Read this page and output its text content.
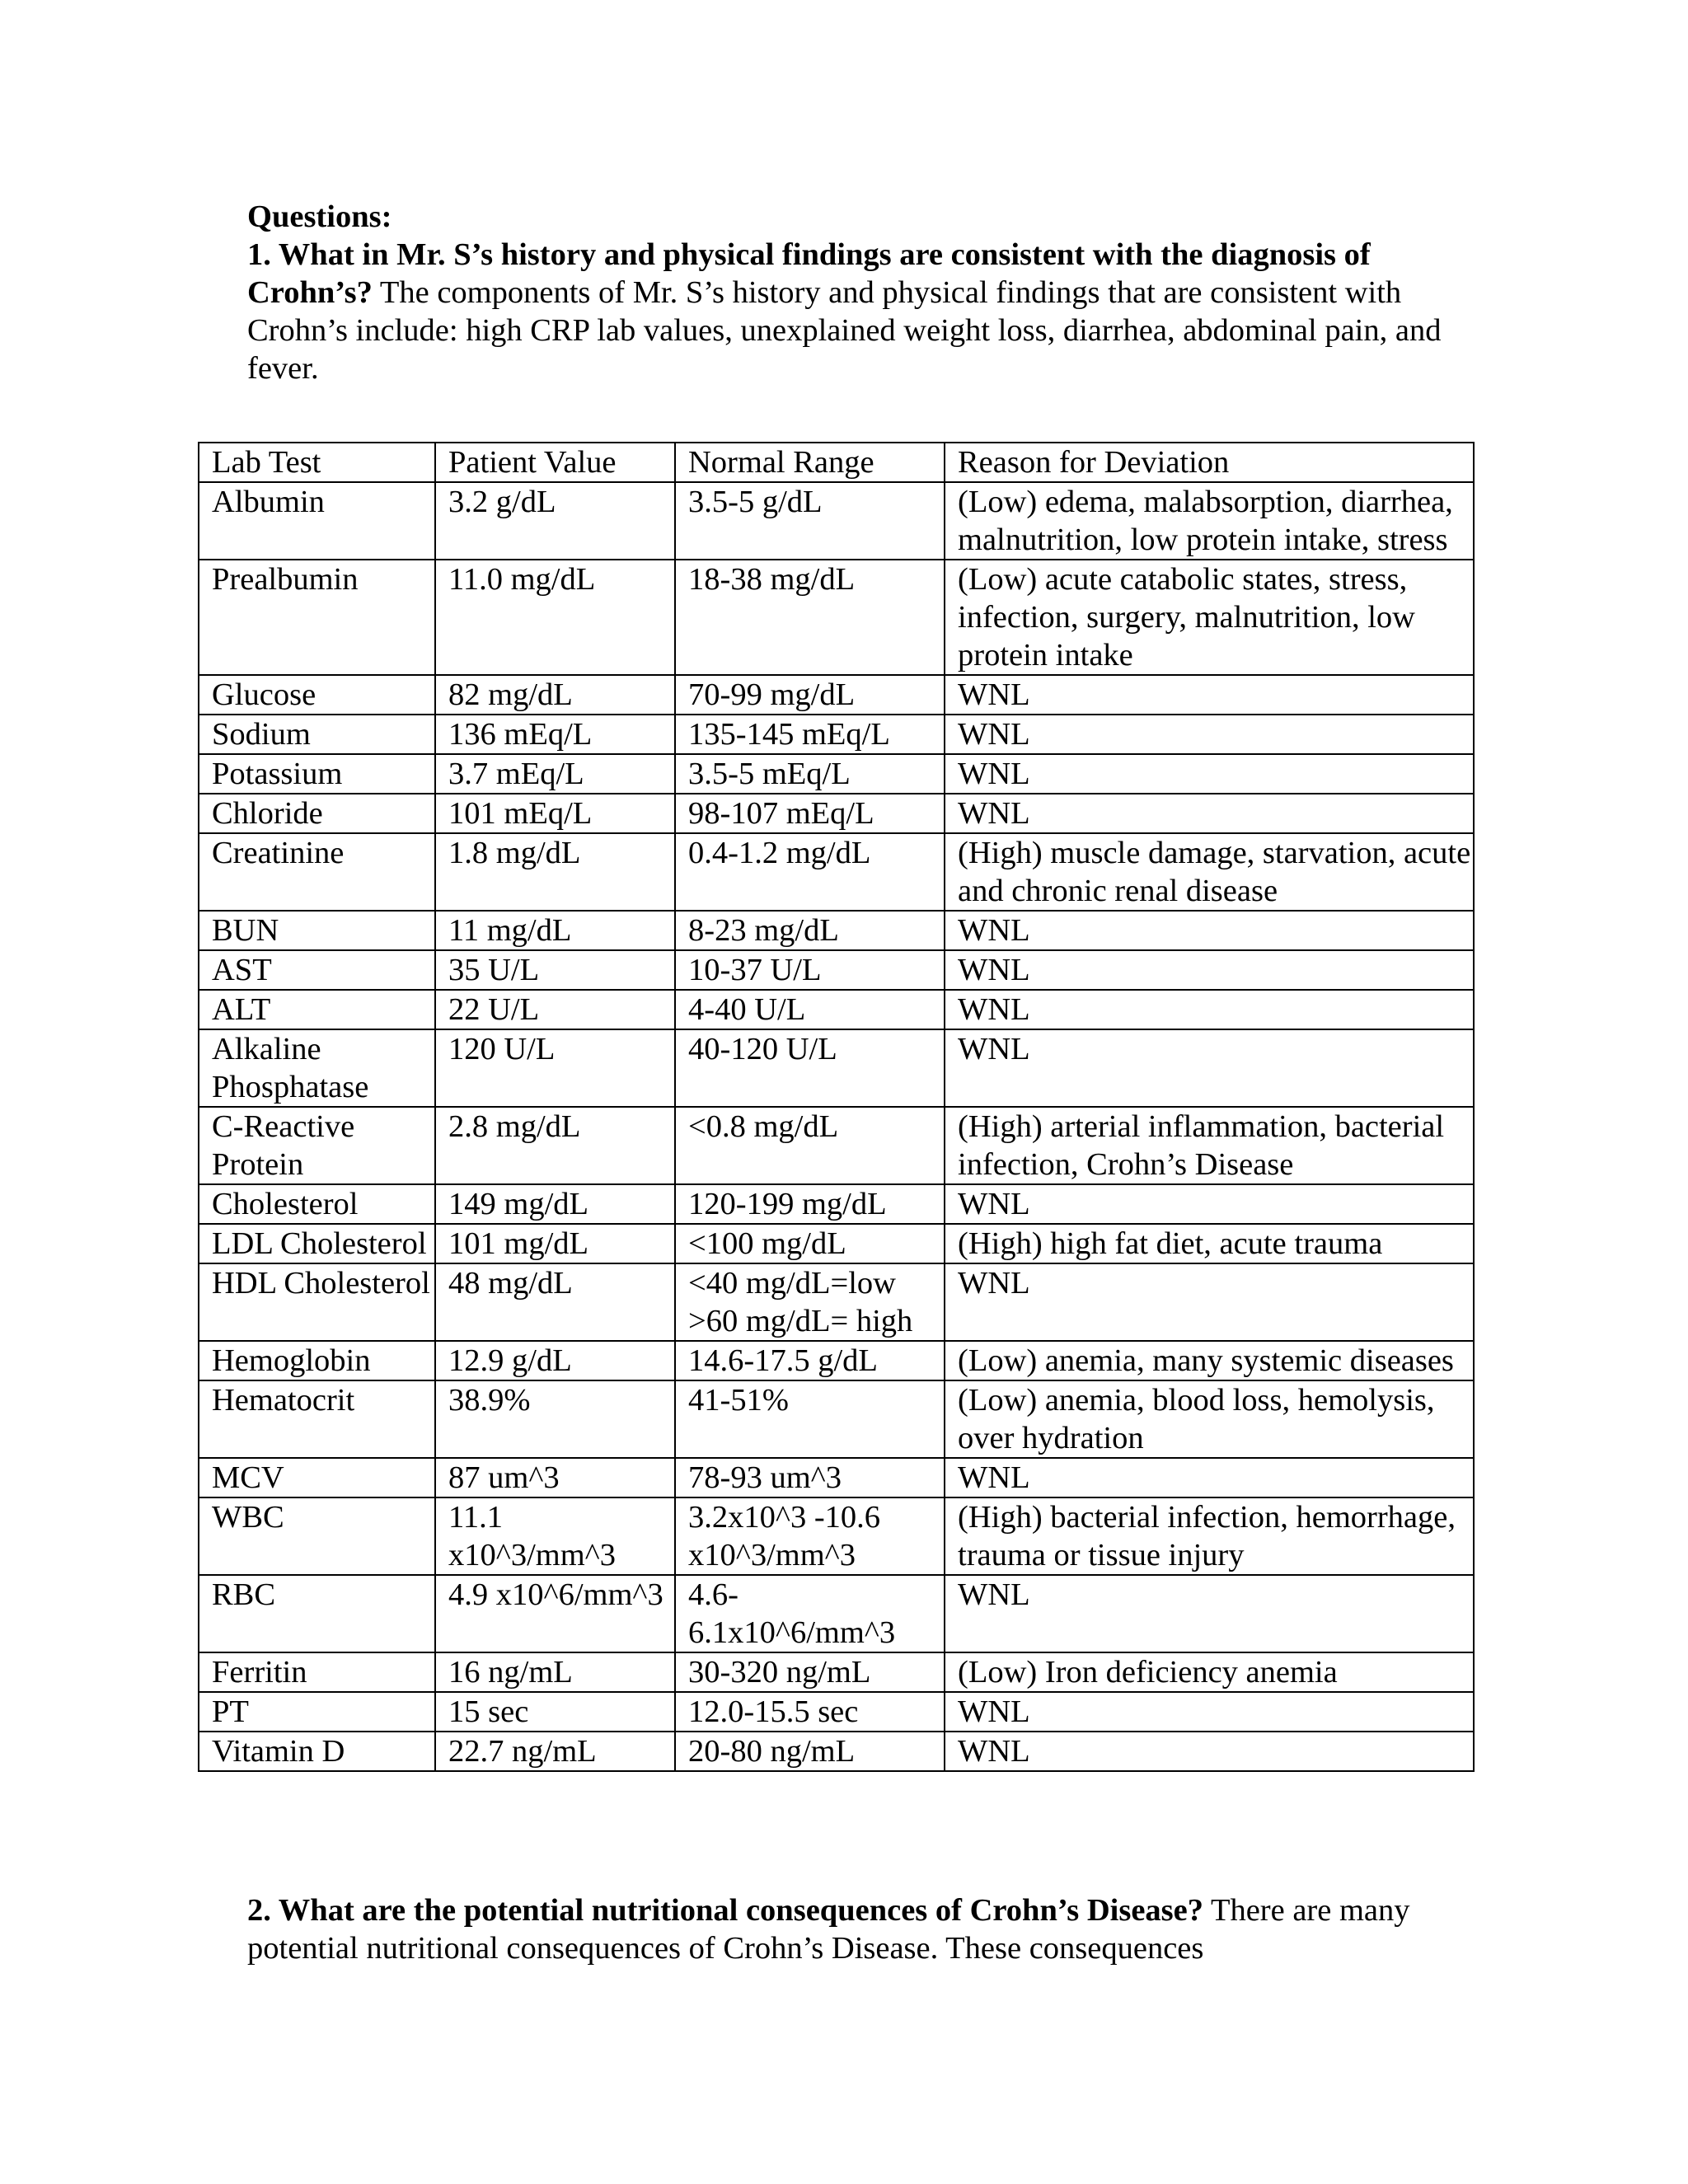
Questions:

1. What in Mr. S’s history and physical findings are consistent with the diagnosis of Crohn’s? The components of Mr. S’s history and physical findings that are consistent with Crohn’s include: high CRP lab values, unexplained weight loss, diarrhea, abdominal pain, and fever.

Lab Test	Patient Value	Normal Range	Reason for Deviation
Albumin	3.2 g/dL	3.5-5 g/dL	(Low) edema, malabsorption, diarrhea, malnutrition, low protein intake, stress
Prealbumin	11.0 mg/dL	18-38 mg/dL	(Low) acute catabolic states, stress, infection, surgery, malnutrition, low protein intake
Glucose	82 mg/dL	70-99 mg/dL	WNL
Sodium	136 mEq/L	135-145 mEq/L	WNL
Potassium	3.7 mEq/L	3.5-5 mEq/L	WNL
Chloride	101 mEq/L	98-107 mEq/L	WNL
Creatinine	1.8 mg/dL	0.4-1.2 mg/dL	(High) muscle damage, starvation, acute and chronic renal disease
BUN	11 mg/dL	8-23 mg/dL	WNL
AST	35 U/L	10-37 U/L	WNL
ALT	22 U/L	4-40 U/L	WNL
Alkaline Phosphatase	120 U/L	40-120 U/L	WNL
C-Reactive Protein	2.8 mg/dL	<0.8 mg/dL	(High) arterial inflammation, bacterial infection, Crohn’s Disease
Cholesterol	149 mg/dL	120-199 mg/dL	WNL
LDL Cholesterol	101 mg/dL	<100 mg/dL	(High) high fat diet, acute trauma
HDL Cholesterol	48 mg/dL	<40 mg/dL=low >60 mg/dL= high	WNL
Hemoglobin	12.9 g/dL	14.6-17.5 g/dL	(Low) anemia, many systemic diseases
Hematocrit	38.9%	41-51%	(Low) anemia, blood loss, hemolysis, over hydration
MCV	87 um^3	78-93 um^3	WNL
WBC	11.1 x10^3/mm^3	3.2x10^3 -10.6 x10^3/mm^3	(High) bacterial infection, hemorrhage, trauma or tissue injury
RBC	4.9 x10^6/mm^3	4.6-6.1x10^6/mm^3	WNL
Ferritin	16 ng/mL	30-320 ng/mL	(Low) Iron deficiency anemia
PT	15 sec	12.0-15.5 sec	WNL
Vitamin D	22.7 ng/mL	20-80 ng/mL	WNL

2. What are the potential nutritional consequences of Crohn’s Disease? There are many potential nutritional consequences of Crohn’s Disease. These consequences
